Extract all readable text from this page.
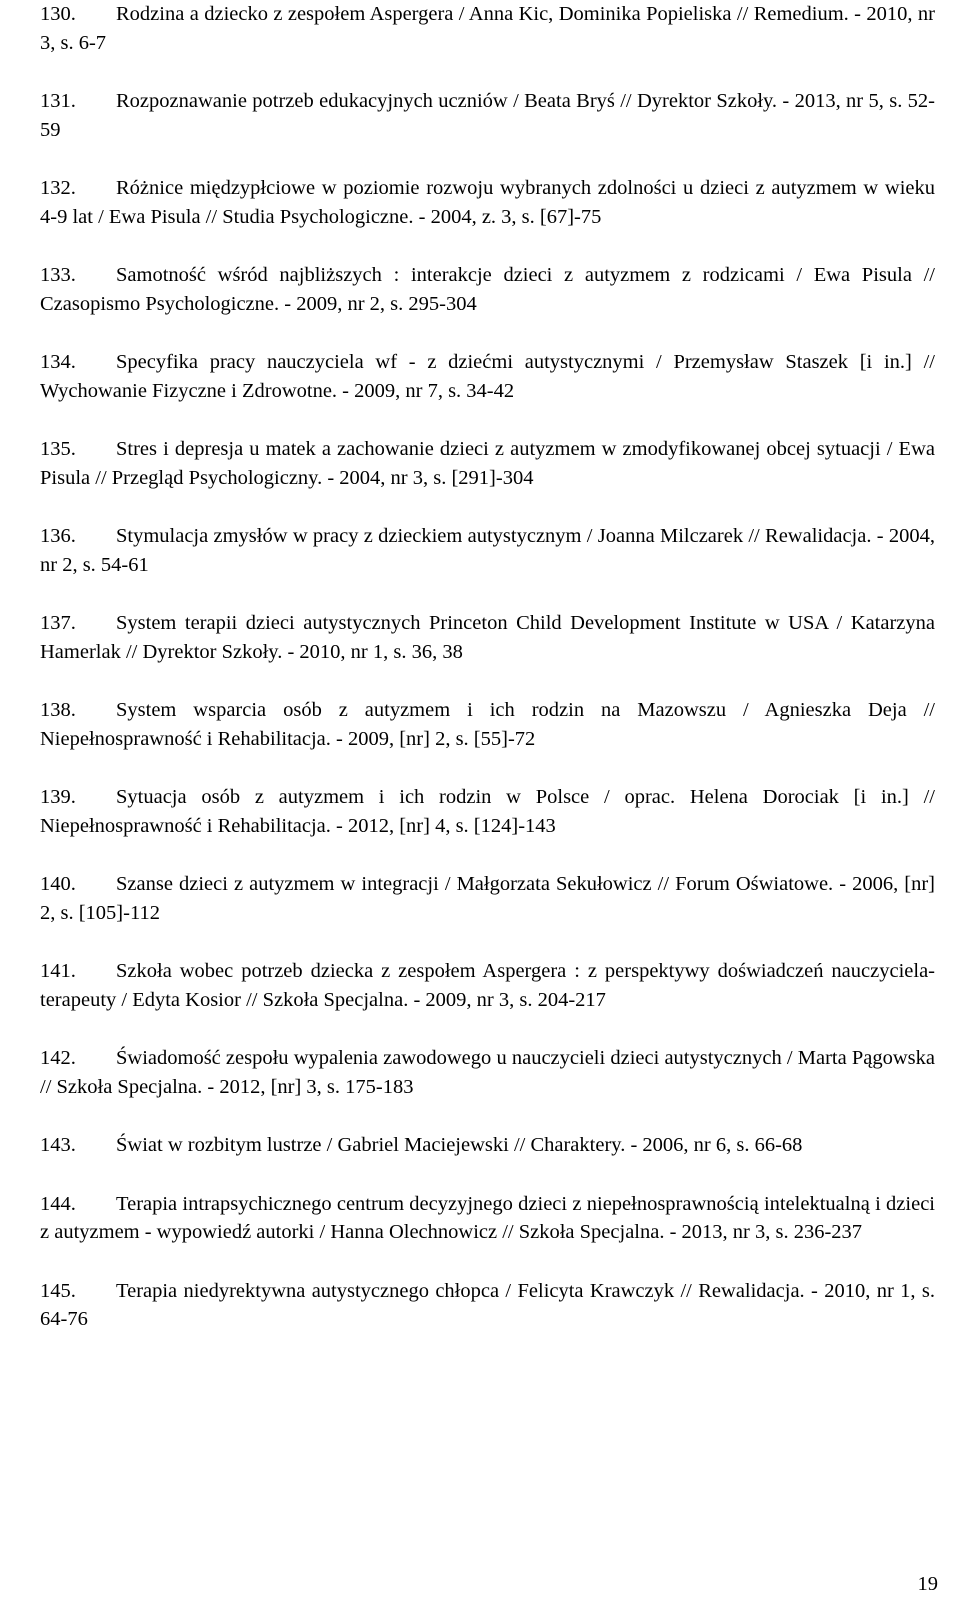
130. Rodzina a dziecko z zespołem Aspergera / Anna Kic, Dominika Popieliska // Remedium. - 2010, nr 3, s. 6-7

131. Rozpoznawanie potrzeb edukacyjnych uczniów / Beata Bryś // Dyrektor Szkoły. - 2013, nr 5, s. 52-59

132. Różnice międzypłciowe w poziomie rozwoju wybranych zdolności u dzieci z autyzmem w wieku 4-9 lat / Ewa Pisula // Studia Psychologiczne. - 2004, z. 3, s. [67]-75

133. Samotność wśród najbliższych : interakcje dzieci z autyzmem z rodzicami / Ewa Pisula // Czasopismo Psychologiczne. - 2009, nr 2, s. 295-304

134. Specyfika pracy nauczyciela wf - z dziećmi autystycznymi / Przemysław Staszek [i in.] // Wychowanie Fizyczne i Zdrowotne. - 2009, nr 7, s. 34-42

135. Stres i depresja u matek a zachowanie dzieci z autyzmem w zmodyfikowanej obcej sytuacji / Ewa Pisula // Przegląd Psychologiczny. - 2004, nr 3, s. [291]-304

136. Stymulacja zmysłów w pracy z dzieckiem autystycznym / Joanna Milczarek // Rewalidacja. - 2004, nr 2, s. 54-61

137. System terapii dzieci autystycznych Princeton Child Development Institute w USA / Katarzyna Hamerlak // Dyrektor Szkoły. - 2010, nr 1, s. 36, 38

138. System wsparcia osób z autyzmem i ich rodzin na Mazowszu / Agnieszka Deja // Niepełnosprawność i Rehabilitacja. - 2009, [nr] 2, s. [55]-72

139. Sytuacja osób z autyzmem i ich rodzin w Polsce / oprac. Helena Dorociak [i in.] // Niepełnosprawność i Rehabilitacja. - 2012, [nr] 4, s. [124]-143

140. Szanse dzieci z autyzmem w integracji / Małgorzata Sekułowicz // Forum Oświatowe. - 2006, [nr] 2, s. [105]-112

141. Szkoła wobec potrzeb dziecka z zespołem Aspergera : z perspektywy doświadczeń nauczyciela-terapeuty / Edyta Kosior // Szkoła Specjalna. - 2009, nr 3, s. 204-217

142. Świadomość zespołu wypalenia zawodowego u nauczycieli dzieci autystycznych / Marta Pągowska // Szkoła Specjalna. - 2012, [nr] 3, s. 175-183

143. Świat w rozbitym lustrze / Gabriel Maciejewski // Charaktery. - 2006, nr 6, s. 66-68

144. Terapia intrapsychicznego centrum decyzyjnego dzieci z niepełnosprawnością intelektualną i dzieci z autyzmem - wypowiedź autorki / Hanna Olechnowicz // Szkoła Specjalna. - 2013, nr 3, s. 236-237

145. Terapia niedyrektywna autystycznego chłopca / Felicyta Krawczyk // Rewalidacja. - 2010, nr 1, s. 64-76

19
